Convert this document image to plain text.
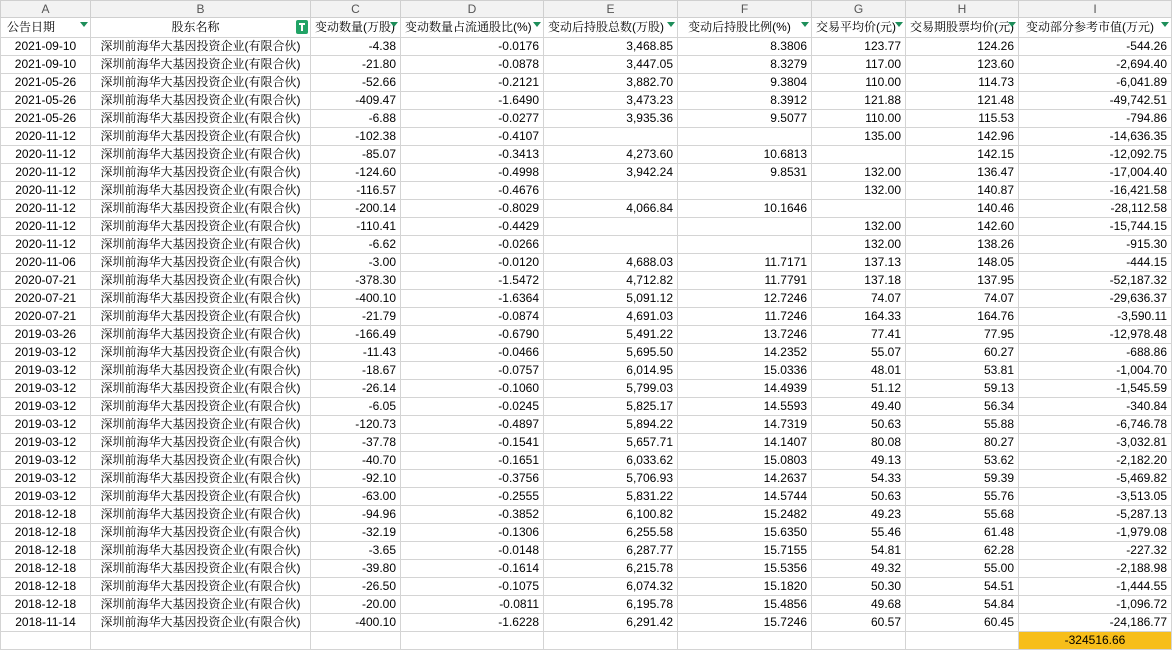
A	B	C	D	E	F	G	H	I
公告日期	股东名称	变动数量(万股)	变动数量占流通股比(%)	变动后持股总数(万股)	变动后持股比例(%)	交易平均价(元)	交易期股票均价(元)	变动部分参考市值(万元)

2021-09-10	深圳前海华大基因投资企业(有限合伙)	-4.38	-0.0176	3,468.85	8.3806	123.77	124.26	-544.26
2021-09-10	深圳前海华大基因投资企业(有限合伙)	-21.80	-0.0878	3,447.05	8.3279	117.00	123.60	-2,694.40
2021-05-26	深圳前海华大基因投资企业(有限合伙)	-52.66	-0.2121	3,882.70	9.3804	110.00	114.73	-6,041.89
2021-05-26	深圳前海华大基因投资企业(有限合伙)	-409.47	-1.6490	3,473.23	8.3912	121.88	121.48	-49,742.51
2021-05-26	深圳前海华大基因投资企业(有限合伙)	-6.88	-0.0277	3,935.36	9.5077	110.00	115.53	-794.86
2020-11-12	深圳前海华大基因投资企业(有限合伙)	-102.38	-0.4107			135.00	142.96	-14,636.35
2020-11-12	深圳前海华大基因投资企业(有限合伙)	-85.07	-0.3413	4,273.60	10.6813		142.15	-12,092.75
2020-11-12	深圳前海华大基因投资企业(有限合伙)	-124.60	-0.4998	3,942.24	9.8531	132.00	136.47	-17,004.40
2020-11-12	深圳前海华大基因投资企业(有限合伙)	-116.57	-0.4676			132.00	140.87	-16,421.58
2020-11-12	深圳前海华大基因投资企业(有限合伙)	-200.14	-0.8029	4,066.84	10.1646		140.46	-28,112.58
2020-11-12	深圳前海华大基因投资企业(有限合伙)	-110.41	-0.4429			132.00	142.60	-15,744.15
2020-11-12	深圳前海华大基因投资企业(有限合伙)	-6.62	-0.0266			132.00	138.26	-915.30
2020-11-06	深圳前海华大基因投资企业(有限合伙)	-3.00	-0.0120	4,688.03	11.7171	137.13	148.05	-444.15
2020-07-21	深圳前海华大基因投资企业(有限合伙)	-378.30	-1.5472	4,712.82	11.7791	137.18	137.95	-52,187.32
2020-07-21	深圳前海华大基因投资企业(有限合伙)	-400.10	-1.6364	5,091.12	12.7246	74.07	74.07	-29,636.37
2020-07-21	深圳前海华大基因投资企业(有限合伙)	-21.79	-0.0874	4,691.03	11.7246	164.33	164.76	-3,590.11
2019-03-26	深圳前海华大基因投资企业(有限合伙)	-166.49	-0.6790	5,491.22	13.7246	77.41	77.95	-12,978.48
2019-03-12	深圳前海华大基因投资企业(有限合伙)	-11.43	-0.0466	5,695.50	14.2352	55.07	60.27	-688.86
2019-03-12	深圳前海华大基因投资企业(有限合伙)	-18.67	-0.0757	6,014.95	15.0336	48.01	53.81	-1,004.70
2019-03-12	深圳前海华大基因投资企业(有限合伙)	-26.14	-0.1060	5,799.03	14.4939	51.12	59.13	-1,545.59
2019-03-12	深圳前海华大基因投资企业(有限合伙)	-6.05	-0.0245	5,825.17	14.5593	49.40	56.34	-340.84
2019-03-12	深圳前海华大基因投资企业(有限合伙)	-120.73	-0.4897	5,894.22	14.7319	50.63	55.88	-6,746.78
2019-03-12	深圳前海华大基因投资企业(有限合伙)	-37.78	-0.1541	5,657.71	14.1407	80.08	80.27	-3,032.81
2019-03-12	深圳前海华大基因投资企业(有限合伙)	-40.70	-0.1651	6,033.62	15.0803	49.13	53.62	-2,182.20
2019-03-12	深圳前海华大基因投资企业(有限合伙)	-92.10	-0.3756	5,706.93	14.2637	54.33	59.39	-5,469.82
2019-03-12	深圳前海华大基因投资企业(有限合伙)	-63.00	-0.2555	5,831.22	14.5744	50.63	55.76	-3,513.05
2018-12-18	深圳前海华大基因投资企业(有限合伙)	-94.96	-0.3852	6,100.82	15.2482	49.23	55.68	-5,287.13
2018-12-18	深圳前海华大基因投资企业(有限合伙)	-32.19	-0.1306	6,255.58	15.6350	55.46	61.48	-1,979.08
2018-12-18	深圳前海华大基因投资企业(有限合伙)	-3.65	-0.0148	6,287.77	15.7155	54.81	62.28	-227.32
2018-12-18	深圳前海华大基因投资企业(有限合伙)	-39.80	-0.1614	6,215.78	15.5356	49.32	55.00	-2,188.98
2018-12-18	深圳前海华大基因投资企业(有限合伙)	-26.50	-0.1075	6,074.32	15.1820	50.30	54.51	-1,444.55
2018-12-18	深圳前海华大基因投资企业(有限合伙)	-20.00	-0.0811	6,195.78	15.4856	49.68	54.84	-1,096.72
2018-11-14	深圳前海华大基因投资企业(有限合伙)	-400.10	-1.6228	6,291.42	15.7246	60.57	60.45	-24,186.77
								-324516.66
